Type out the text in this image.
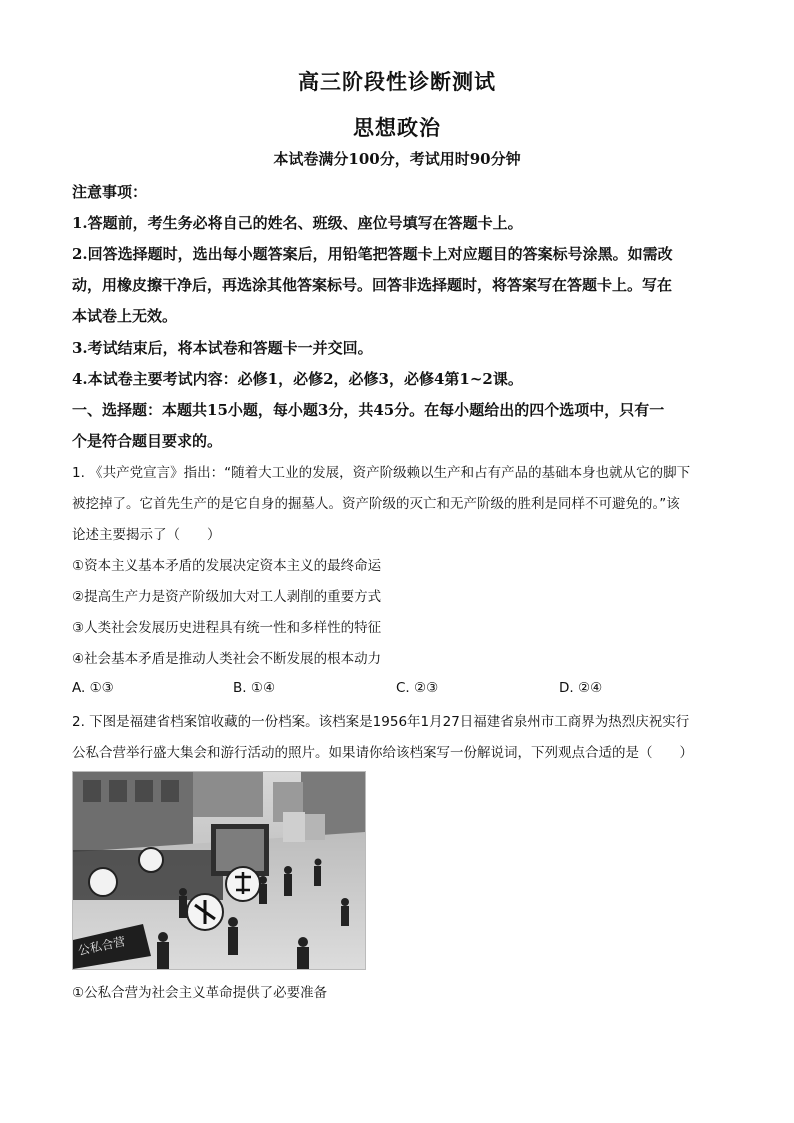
高三阶段性诊断测试
思想政治
本试卷满分100分，考试用时90分钟
注意事项：
1.答题前，考生务必将自己的姓名、班级、座位号填写在答题卡上。
2.回答选择题时，选出每小题答案后，用铅笔把答题卡上对应题目的答案标号涂黑。如需改
动，用橡皮擦干净后，再选涂其他答案标号。回答非选择题时，将答案写在答题卡上。写在
本试卷上无效。
3.考试结束后，将本试卷和答题卡一并交回。
4.本试卷主要考试内容：必修1，必修2，必修3，必修4第1~2课。
一、选择题：本题共15小题，每小题3分，共45分。在每小题给出的四个选项中，只有一
个是符合题目要求的。
1. 《共产党宣言》指出：“随着大工业的发展，资产阶级赖以生产和占有产品的基础本身也就从它的脚下
被挖掉了。它首先生产的是它自身的掘墓人。资产阶级的灭亡和无产阶级的胜利是同样不可避免的。”该
论述主要揭示了（　　）
①资本主义基本矛盾的发展决定资本主义的最终命运
②提高生产力是资产阶级加大对工人剥削的重要方式
③人类社会发展历史进程具有统一性和多样性的特征
④社会基本矛盾是推动人类社会不断发展的根本动力
A. ①③	B. ①④	C. ②③	D. ②④
2. 下图是福建省档案馆收藏的一份档案。该档案是1956年1月27日福建省泉州市工商界为热烈庆祝实行
公私合营举行盛大集会和游行活动的照片。如果请你给该档案写一份解说词，下列观点合适的是（　　）
公私合营
①公私合营为社会主义革命提供了必要准备
